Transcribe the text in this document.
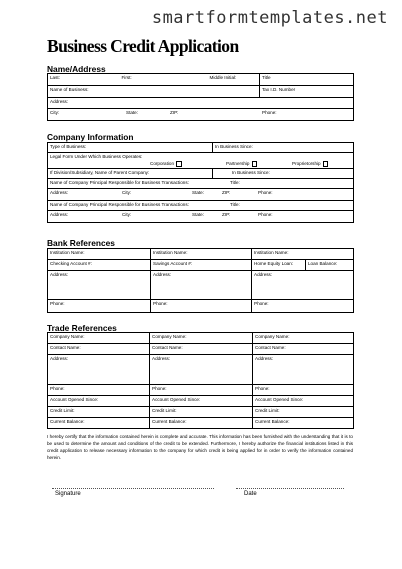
smartformtemplates.net
Business Credit Application
Name/Address
Last:	First:	Middle Initial:	Title
Name of Business:			Tax I.D. Number
Address:			
City: State: ZIP: Phone:			
Company Information
Type of Business:	In Business Since:
Legal Form Under Which Business Operates:
Corporation Partnership Proprietorship	

If Division/Subsidiary, Name of Parent Company:	In Business Since:
Name of Company Principal Responsible for Business Transactions: Title:	

Address: City: State: ZIP: Phone:	

Name of Company Principal Responsible for Business Transactions: Title:	

Address: City: State: ZIP: Phone:	
Bank References
Institution Name:	Institution Name:	Institution Name:	
Checking Account #:	Savings Account #:	Home Equity Loan:	Loan Balance:
Address:	Address:	Address:	
Phone:	Phone:	Phone:	
Trade References
Company Name:	Company Name:	Company Name:
Contact Name:	Contact Name:	Contact Name:
Address:	Address:	Address:
Phone:	Phone:	Phone:
Account Opened Since:	Account Opened Since:	Account Opened Since:
Credit Limit:	Credit Limit:	Credit Limit:
Current Balance:	Current Balance:	Current Balance:
I hereby certify that the information contained herein is complete and accurate. This information has been furnished with the understanding that it is to be used to determine the amount and conditions of the credit to be extended. Furthermore, I hereby authorize the financial institutions listed in this credit application to release necessary information to the company for which credit is being applied for in order to verify the information contained herein.
Signature	Date
